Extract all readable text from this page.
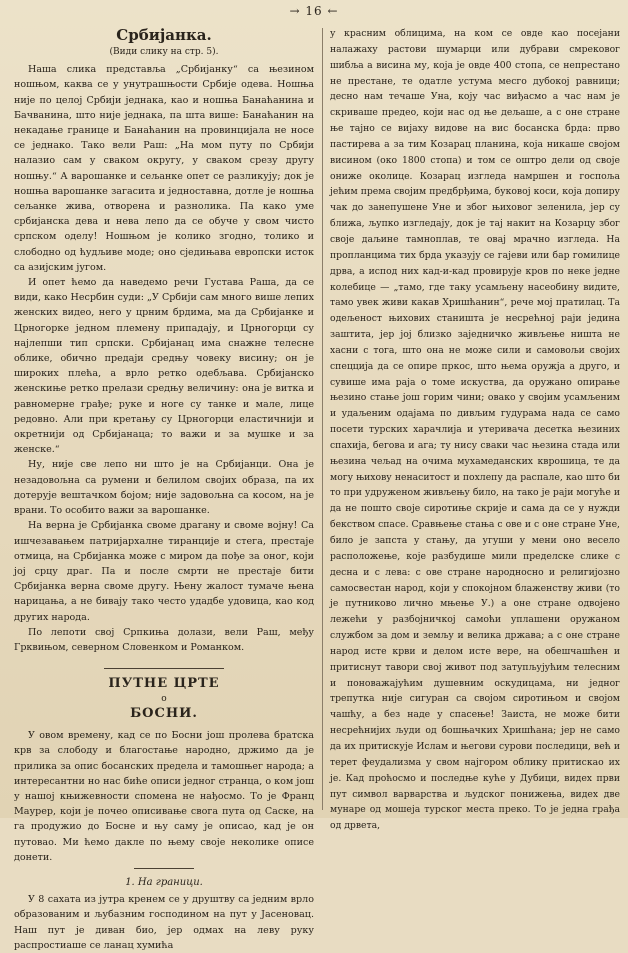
→ 16 ←
Србијанка.
(Види слику на стр. 5).

Наша слика представља „Србијанку“ са њезином ношњом, каква се у унутрашњости Србије одева. Ношња није по целој Србији једнака, као и ношња Банаћанина и Бачванина, што није једнака, па шта више: Банаћанин на некадање границе и Банаћанин на провинцијала не носе се једнако. Тако вели Раш: „На мом путу по Србији налазио сам у сваком округу, у сваком срезу другу ношњу.“ А варошанке и сељанке опет се разликују; док је ношња варошанке загасита и једноставна, дотле је ношња сељанке жива, отворена и разнолика. Па како уме србијанска дева и нева лепо да се обуче у свом чисто српском оделу! Ношњом је колико згодно, толико и слободно од ћудљиве моде; оно сједињава европски исток са азијским југом.

И опет ћемо да наведемо речи Густава Раша, да се види, како Несрбин суди: „У Србији сам много више лепих женских видео, него у црним брдима, ма да Србијанке и Црногорке једном племену припадају, и Црногорци су најлепши тип српски. Србијанац има снажне телесне облике, обично предаји средњу човеку висину; он је широких плећа, а врло ретко одебљава. Србијанско женскиње ретко прелази средњу величину: она је витка и равномерне грађе; руке и ноге су танке и мале, лице редовно. Али при кретању су Црногорци еластичнији и окретнији од Србијанаца; то важи и за мушке и за женске.“

Ну, није све лепо ни што је на Србијанци. Она је незадовољна са румени и белилом својих образа, па их дотерује вештачком бојом; није задовољна са косом, на је врани. То особито важи за варошанке.

На верна је Србијанка своме драгану и своме војну! Са ишчезавањем патријархалне тиранције и стега, престаје отмица, на Србијанка може с миром да пође за оног, који јој срцу драг. Па и после смрти не престаје бити Србијанка верна свомe другу. Њену жалост тумаче њена нарицања, а не бивају тако често удадбе удовица, као код других народа.

По лепоти свој Српкиња долази, вели Раш, међу Грквињом, северном Словенком и Романком.

ПУТНЕ ЦРТЕ
о
БОСНИ.

У овом времену, кад се по Босни још пролева братска крв за слободу и благостање народно, држимо да је прилика за опис босанских предела и тамошњег народа; а интересантни но нас биће описи једног странца, о ком још у нашој књижевности спомена не нађосмо. То је Франц Маурер, који је почео описивање свога пута од Саске, на га продужио до Босне и њу саму је описао, кад је он путовао. Ми ћемо дакле по њему своје неколике описе донети.

1. На граници.

У 8 сахата из јутра кренем се у друштву са једним врло образованим и љубазним господином на пут у Јасеновац. Наш пут је диван био, јер одмах на леву руку распростиаше се ланац хумића

у красним облицима, на ком се овде као посејани налажаху растови шумарци или дубрави смрековог шибља а висина му, која је овде 400 стопа, се непрестано не престане, те одатле устума месго дубокој равници; десно нам течаше Уна, коју час виђасмо а час нам је скриваше предео, који нас од ње дељаше, а с оне стране ње тајно се вијаху видове на вис босанска брда: прво пастирева а за тим Козарац планина, која никаше својом висином (око 1800 стопа) и том се оштро дели од своје ониже околице. Козарац изгледа намршен и госпоља јећим према својим предбрђима, буковој коси, која допиру чак до занепушене Уне и због њиховог зеленила, јер су ближа, љупко изгледају, док је тај накит на Козарцу због своје даљине тамноплав, те овај мрачно изгледа. На пропланцима тих брда указују се гајеви или бар гомилице дрва, а испод них кад-и-кад провирује кров по неке једне колебице — „тамо, где таку усамљену насеобину видите, тамо увек живи какав Хришћанин“, рече мој пратилац. Та одељеност њихових станишта је несрећној раји једина заштита, јер јој близко заједничко живљење ништа не хасни с тога, што она не може сили и самовољи својих спецција да се опире пркос, што њема оружја а друго, и сувише има раја о томе искуства, да оружано опирање њезино стање још горим чини; овако у своjим усамљеним и удаљеним одајама по дивљим гудурама нада се само посети турских харачлија и утеривача десетка њезиних спахија, бегова и ага; ту нису сваки час њезина стада или њезина чељад на очима мухамеданских кврошица, те да могу њихову ненаситост и похлепу да распале, као што би то при удруженом живљењу било, на тако је раји могуће и да не пошто своје сиротиње скрије и сама да се у нужди бекством спасе. Сравњење стања с ове и с оне стране Уне, било је запста у стању, да угуши у мени оно весело расположење, које разбудише мили пределске слике с десна и с лева: с ове стране народносно и религијозно самосвестан народ, који у спокојном блаженству живи (то је путниково лично мњење У.) а оне стране одвојено лежећи у разбојничкој самоћи уплашени оружаном службом за дом и земљу и велика држава; а с оне стране народ исте крви и делом исте вере, на обешчашћен и притиснут тавори свој живот под затупљујућим телесним и поноважајућим душевним оскудицама, ни једног трепутка није сигуран са својом сиротињом и својом чашћу, а без наде у спасење! Заиста, не може бити несрећнијих људи од бошњачких Хришћана; јер не само да их притискује Ислам и његови сурови последици, већ и терет феудализма у свом најгором облику притискао их је. Кад проћосмо и последње куће у Дубици, видех први пут символ варварства и људског понижења, видех две мунаре од мошеја турског места преко. То је једна грађа од дрвета,
